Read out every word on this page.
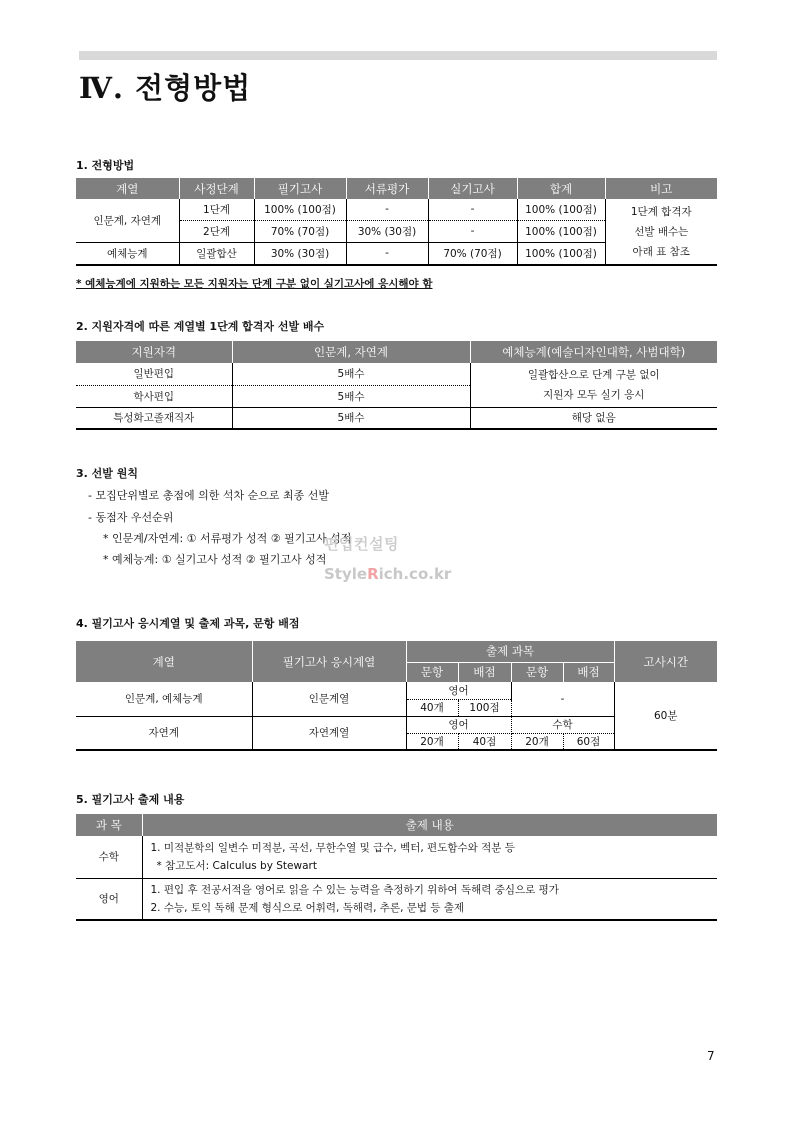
Ⅳ. 전형방법

1. 전형방법

계열	사정단계	필기고사	서류평가	실기고사	합계	비고
인문계, 자연계	1단계	100% (100점)	-	-	100% (100점)	1단계 합격자
선발 배수는
아래 표 참조

	2단계	70% (70점)	30% (30점)	-	100% (100점)	
예체능계	일괄합산	30% (30점)	-	70% (70점)	100% (100점)	

* 예체능계에 지원하는 모든 지원자는 단계 구분 없이 실기고사에 응시해야 함

2. 지원자격에 따른 계열별 1단계 합격자 선발 배수

지원자격	인문계, 자연계	예체능계(예술디자인대학, 사범대학)
일반편입	5배수	일괄합산으로 단계 구분 없이
지원자 모두 실기 응시

학사편입	5배수	
특성화고졸재직자	5배수	해당 없음

3. 선발 원칙

- 모집단위별로 총점에 의한 석차 순으로 최종 선발

- 동점자 우선순위

* 인문계/자연계: ① 서류평가 성적 ② 필기고사 성적

* 예체능계: ① 실기고사 성적 ② 필기고사 성적

편입컨설팅
StyleRich.co.kr

4. 필기고사 응시계열 및 출제 과목, 문항 배점

계열	필기고사 응시계열	출제 과목				고사시간
		문항	배점	문항	배점	
인문계, 예체능계	인문계열	영어		-		60분
		40개	100점			
자연계	자연계열	영어		수학		
		20개	40점	20개	60점	

5. 필기고사 출제 내용

과 목	출제 내용
수학	1. 미적분학의 일변수 미적분, 곡선, 무한수열 및 급수, 벡터, 편도함수와 적분 등
* 참고도서: Calculus by Stewart

영어	1. 편입 후 전공서적을 영어로 읽을 수 있는 능력을 측정하기 위하여 독해력 중심으로 평가
2. 수능, 토익 독해 문제 형식으로 어휘력, 독해력, 추론, 문법 등 출제
7
